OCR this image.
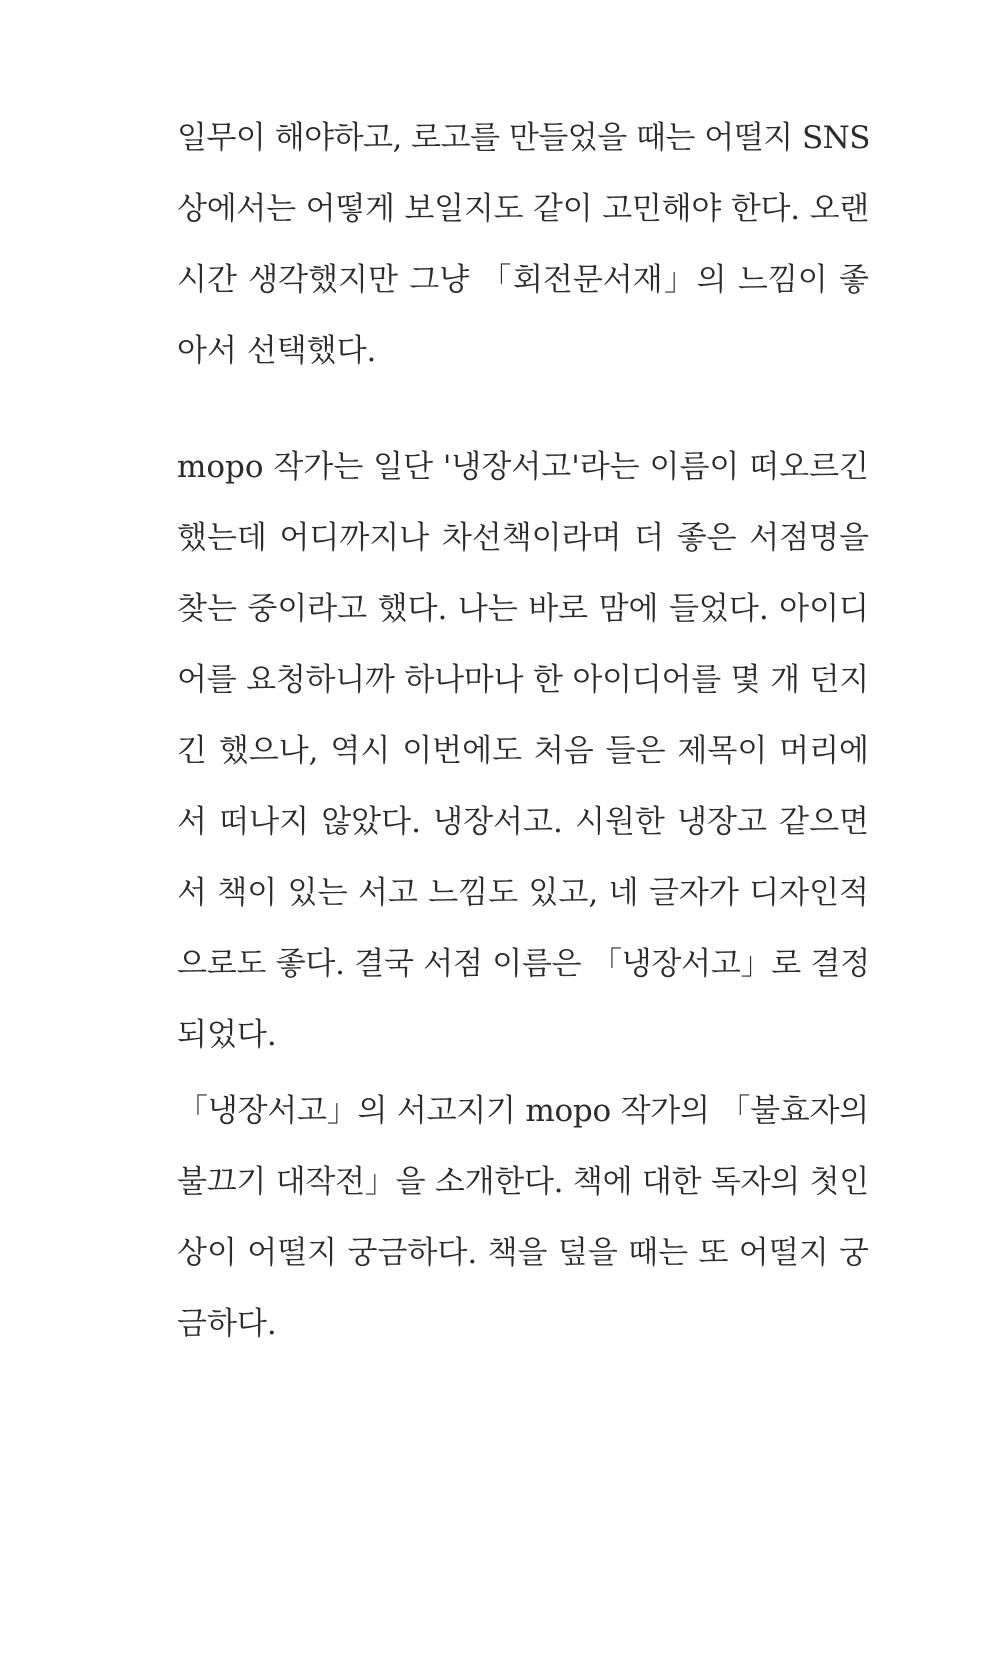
일무이 해야하고, 로고를 만들었을 때는 어떨지 SNS
상에서는 어떻게 보일지도 같이 고민해야 한다. 오랜
시간 생각했지만 그냥 「회전문서재」의 느낌이 좋
아서 선택했다.
mopo 작가는 일단 '냉장서고'라는 이름이 떠오르긴
했는데 어디까지나 차선책이라며 더 좋은 서점명을
찾는 중이라고 했다. 나는 바로 맘에 들었다. 아이디
어를 요청하니까 하나마나 한 아이디어를 몇 개 던지
긴 했으나, 역시 이번에도 처음 들은 제목이 머리에
서 떠나지 않았다. 냉장서고. 시원한 냉장고 같으면
서 책이 있는 서고 느낌도 있고, 네 글자가 디자인적
으로도 좋다. 결국 서점 이름은 「냉장서고」로 결정
되었다.
「냉장서고」의 서고지기 mopo 작가의 「불효자의
불끄기 대작전」을 소개한다. 책에 대한 독자의 첫인
상이 어떨지 궁금하다. 책을 덮을 때는 또 어떨지 궁
금하다.
